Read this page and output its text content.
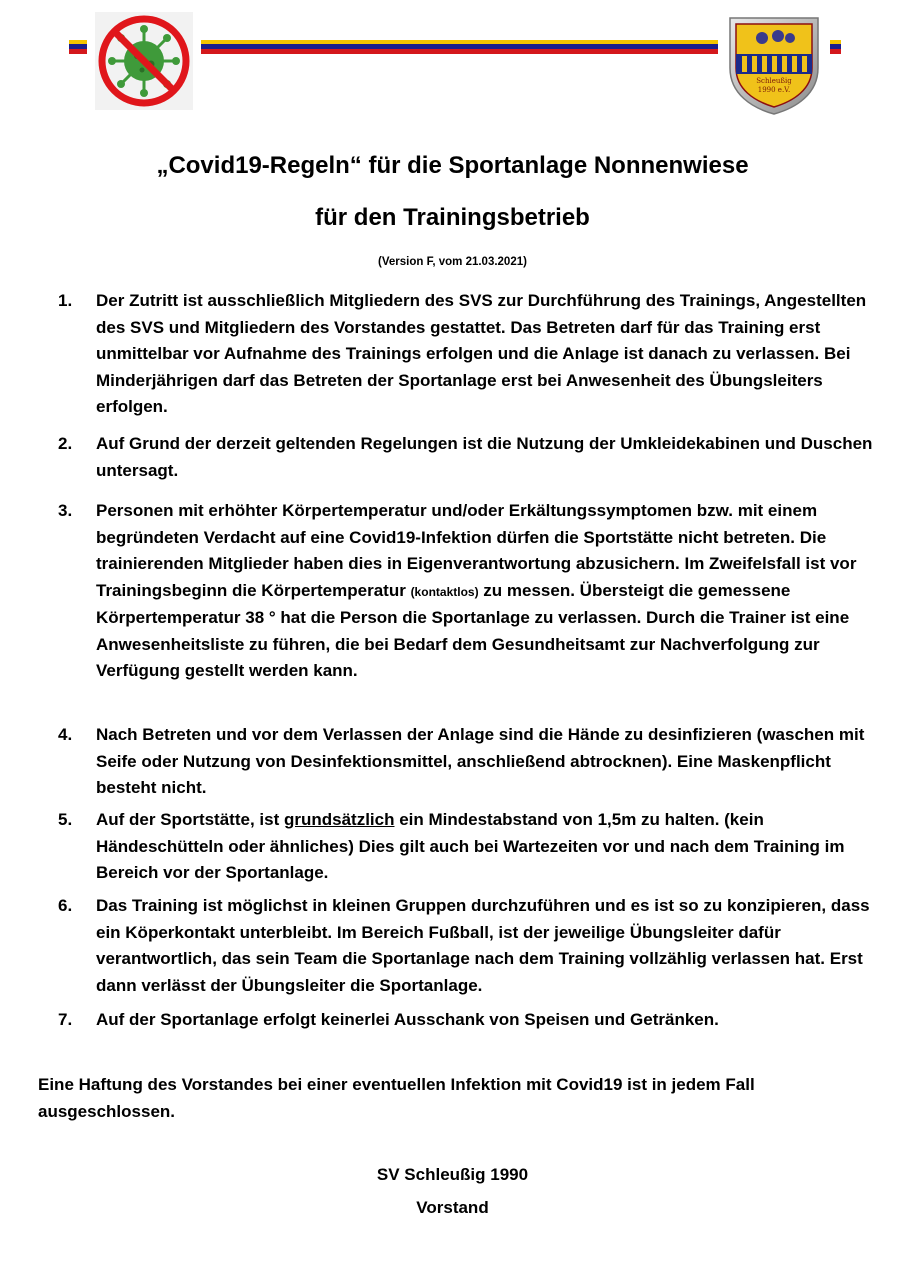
Schleußig
1990 e.V.
„Covid19-Regeln“ für die Sportanlage Nonnenwiese
für den Trainingsbetrieb
(Version F, vom 21.03.2021)
1. Der Zutritt ist ausschließlich Mitgliedern des SVS zur Durchführung des Trainings, Angestellten des SVS und Mitgliedern des Vorstandes gestattet. Das Betreten darf für das Training erst unmittelbar vor Aufnahme des Trainings erfolgen und die Anlage ist danach zu verlassen. Bei Minderjährigen darf das Betreten der Sportanlage erst bei Anwesenheit des Übungsleiters erfolgen.
2. Auf Grund der derzeit geltenden Regelungen ist die Nutzung der Umkleidekabinen und Duschen untersagt.
3. Personen mit erhöhter Körpertemperatur und/oder Erkältungssymptomen bzw. mit einem begründeten Verdacht auf eine Covid19-Infektion dürfen die Sportstätte nicht betreten. Die trainierenden Mitglieder haben dies in Eigenverantwortung abzusichern. Im Zweifelsfall ist vor Trainingsbeginn die Körpertemperatur (kontaktlos) zu messen. Übersteigt die gemessene Körpertemperatur 38 ° hat die Person die Sportanlage zu verlassen. Durch die Trainer ist eine Anwesenheitsliste zu führen, die bei Bedarf dem Gesundheitsamt zur Nachverfolgung zur Verfügung gestellt werden kann.
4. Nach Betreten und vor dem Verlassen der Anlage sind die Hände zu desinfizieren (waschen mit Seife oder Nutzung von Desinfektionsmittel, anschließend abtrocknen). Eine Maskenpflicht besteht nicht.
5. Auf der Sportstätte, ist grundsätzlich ein Mindestabstand von 1,5m zu halten. (kein Händeschütteln oder ähnliches) Dies gilt auch bei Wartezeiten vor und nach dem Training im Bereich vor der Sportanlage.
6. Das Training ist möglichst in kleinen Gruppen durchzuführen und es ist so zu konzipieren, dass ein Köperkontakt unterbleibt. Im Bereich Fußball, ist der jeweilige Übungsleiter dafür verantwortlich, das sein Team die Sportanlage nach dem Training vollzählig verlassen hat. Erst dann verlässt der Übungsleiter die Sportanlage.
7. Auf der Sportanlage erfolgt keinerlei Ausschank von Speisen und Getränken.
Eine Haftung des Vorstandes bei einer eventuellen Infektion mit Covid19 ist in jedem Fall ausgeschlossen.
SV Schleußig 1990
Vorstand
